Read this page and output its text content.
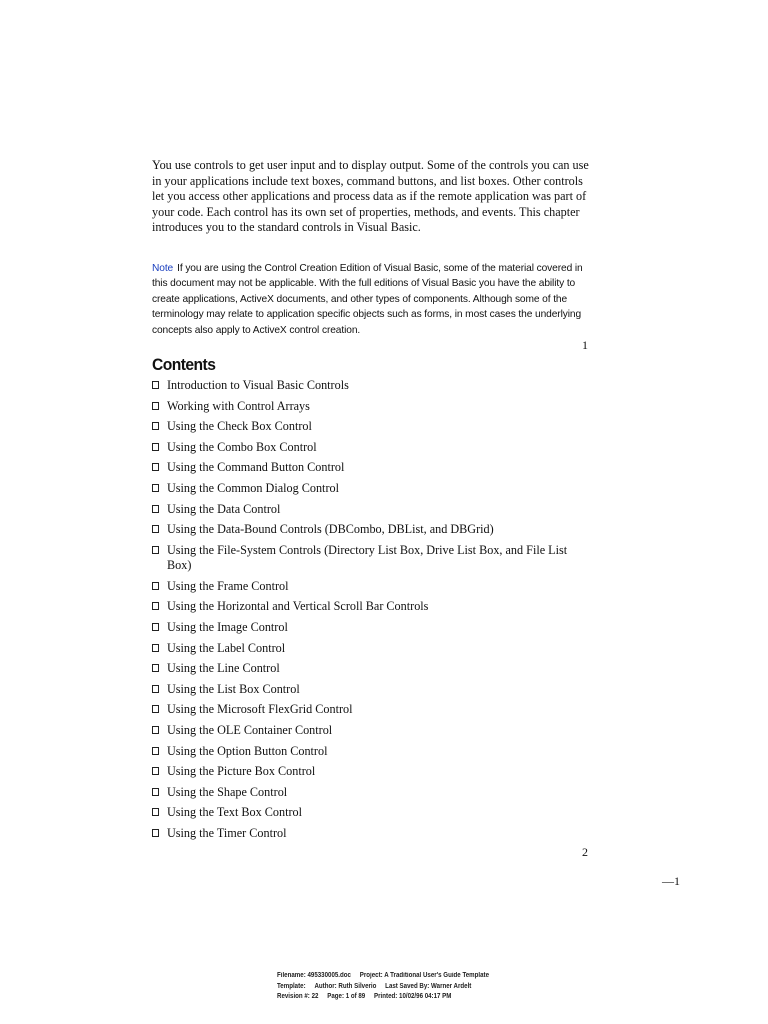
You use controls to get user input and to display output. Some of the controls you can use in your applications include text boxes, command buttons, and list boxes. Other controls let you access other applications and process data as if the remote application was part of your code. Each control has its own set of properties, methods, and events. This chapter introduces you to the standard controls in Visual Basic.

Note If you are using the Control Creation Edition of Visual Basic, some of the material covered in this document may not be applicable. With the full editions of Visual Basic you have the ability to create applications, ActiveX documents, and other types of components. Although some of the terminology may relate to application specific objects such as forms, in most cases the underlying concepts also apply to ActiveX control creation.

1
Contents
Introduction to Visual Basic Controls
Working with Control Arrays
Using the Check Box Control
Using the Combo Box Control
Using the Command Button Control
Using the Common Dialog Control
Using the Data Control
Using the Data-Bound Controls (DBCombo, DBList, and DBGrid)
Using the File-System Controls (Directory List Box, Drive List Box, and File List Box)
Using the Frame Control
Using the Horizontal and Vertical Scroll Bar Controls
Using the Image Control
Using the Label Control
Using the Line Control
Using the List Box Control
Using the Microsoft FlexGrid Control
Using the OLE Container Control
Using the Option Button Control
Using the Picture Box Control
Using the Shape Control
Using the Text Box Control
Using the Timer Control
2
—1
Filename: 495330005.doc Project: A Traditional User's Guide Template
Template: Author: Ruth Silverio Last Saved By: Warner Ardelt
Revision #: 22 Page: 1 of 89 Printed: 10/02/96 04:17 PM
